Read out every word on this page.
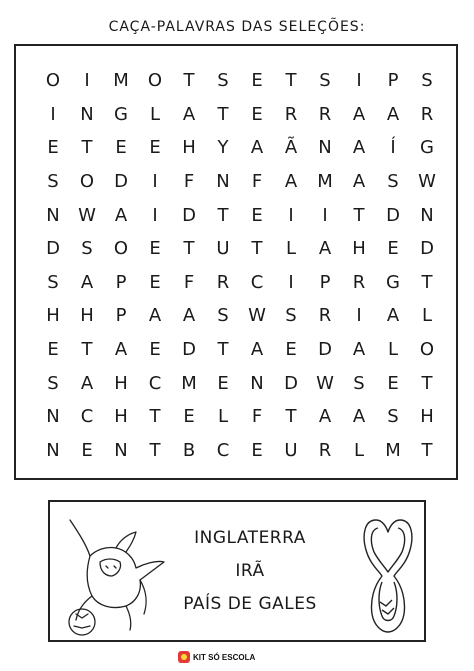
CAÇA-PALAVRAS DAS SELEÇÕES:
O	I	M	O	T	S	E	T	S	I	P	S
I	N	G	L	A	T	E	R	R	A	A	R
E	T	E	E	H	Y	A	Ã	N	A	Í	G
S	O	D	I	F	N	F	A	M	A	S	W
N	W	A	I	D	T	E	I	I	T	D	N
D	S	O	E	T	U	T	L	A	H	E	D
S	A	P	E	F	R	C	I	P	R	G	T
H	H	P	A	A	S	W	S	R	I	A	L
E	T	A	E	D	T	A	E	D	A	L	O
S	A	H	C	M	E	N	D	W	S	E	T
N	C	H	T	E	L	F	T	A	A	S	H
N	E	N	T	B	C	E	U	R	L	M	T
INGLATERRA
IRÃ
PAÍS DE GALES
KIT SÓ ESCOLA
